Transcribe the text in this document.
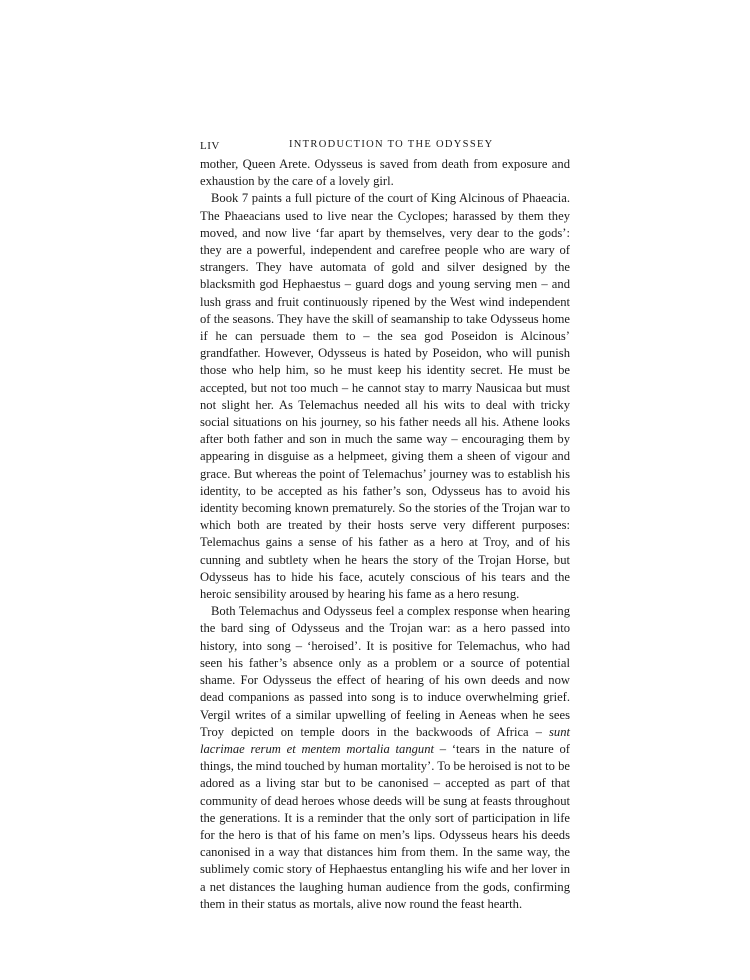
LIV	INTRODUCTION TO THE ODYSSEY

mother, Queen Arete. Odysseus is saved from death from exposure and exhaustion by the care of a lovely girl.

Book 7 paints a full picture of the court of King Alcinous of Phaeacia. The Phaeacians used to live near the Cyclopes; harassed by them they moved, and now live ‘far apart by themselves, very dear to the gods’: they are a powerful, independent and carefree people who are wary of strangers. They have automata of gold and silver designed by the blacksmith god Hephaestus – guard dogs and young serving men – and lush grass and fruit continuously ripened by the West wind independent of the seasons. They have the skill of seamanship to take Odysseus home if he can persuade them to – the sea god Poseidon is Alcinous’ grandfather. However, Odysseus is hated by Poseidon, who will punish those who help him, so he must keep his identity secret. He must be accepted, but not too much – he cannot stay to marry Nausicaa but must not slight her. As Telemachus needed all his wits to deal with tricky social situations on his journey, so his father needs all his. Athene looks after both father and son in much the same way – encouraging them by appearing in disguise as a helpmeet, giving them a sheen of vigour and grace. But whereas the point of Telemachus’ journey was to establish his identity, to be accepted as his father’s son, Odysseus has to avoid his identity becoming known prematurely. So the stories of the Trojan war to which both are treated by their hosts serve very different purposes: Telemachus gains a sense of his father as a hero at Troy, and of his cunning and subtlety when he hears the story of the Trojan Horse, but Odysseus has to hide his face, acutely conscious of his tears and the heroic sensibility aroused by hearing his fame as a hero resung.

Both Telemachus and Odysseus feel a complex response when hearing the bard sing of Odysseus and the Trojan war: as a hero passed into history, into song – ‘heroised’. It is positive for Telemachus, who had seen his father’s absence only as a problem or a source of potential shame. For Odysseus the effect of hearing of his own deeds and now dead companions as passed into song is to induce overwhelming grief. Vergil writes of a similar upwelling of feeling in Aeneas when he sees Troy depicted on temple doors in the backwoods of Africa – sunt lacrimae rerum et mentem mortalia tangunt – ‘tears in the nature of things, the mind touched by human mortality’. To be heroised is not to be adored as a living star but to be canonised – accepted as part of that community of dead heroes whose deeds will be sung at feasts throughout the generations. It is a reminder that the only sort of participation in life for the hero is that of his fame on men’s lips. Odysseus hears his deeds canonised in a way that distances him from them. In the same way, the sublimely comic story of Hephaestus entangling his wife and her lover in a net distances the laughing human audience from the gods, confirming them in their status as mortals, alive now round the feast hearth.
